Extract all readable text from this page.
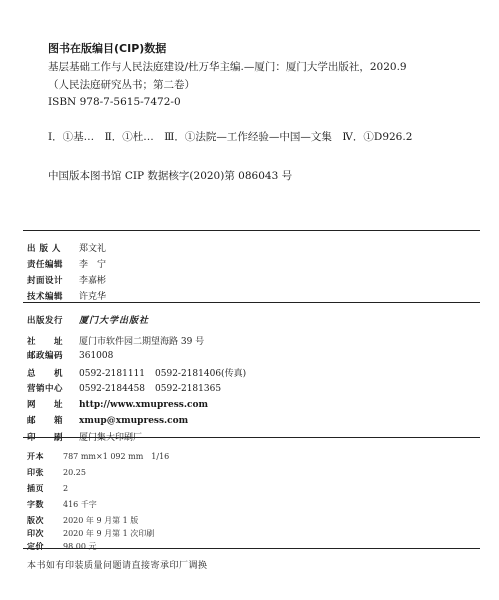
图书在版编目(CIP)数据
基层基础工作与人民法庭建设/杜万华主编.—厦门：厦门大学出版社，2020.9
（人民法庭研究丛书；第二卷）
ISBN 978-7-5615-7472-0
Ⅰ．①基…　Ⅱ．①杜…　Ⅲ．①法院—工作经验—中国—文集　Ⅳ．①D926.2
中国版本图书馆 CIP 数据核字(2020)第 086043 号
出 版 人	郑文礼
责任编辑	李　宁
封面设计	李嘉彬
技术编辑	许克华
出版发行	厦门大学出版社
社　　址	厦门市软件园二期望海路 39 号
邮政编码	361008
总　　机	0592-2181111 0592-2181406(传真)
营销中心	0592-2184458 0592-2181365
网　　址	http://www.xmupress.com
邮　　箱	xmup@xmupress.com
印　　刷	厦门集大印刷厂
开本	787 mm×1 092 mm　1/16
印张	20.25
插页	2
字数	416 千字
版次	2020 年 9 月第 1 版
印次	2020 年 9 月第 1 次印刷
定价	98.00 元
本书如有印装质量问题请直接寄承印厂调换
